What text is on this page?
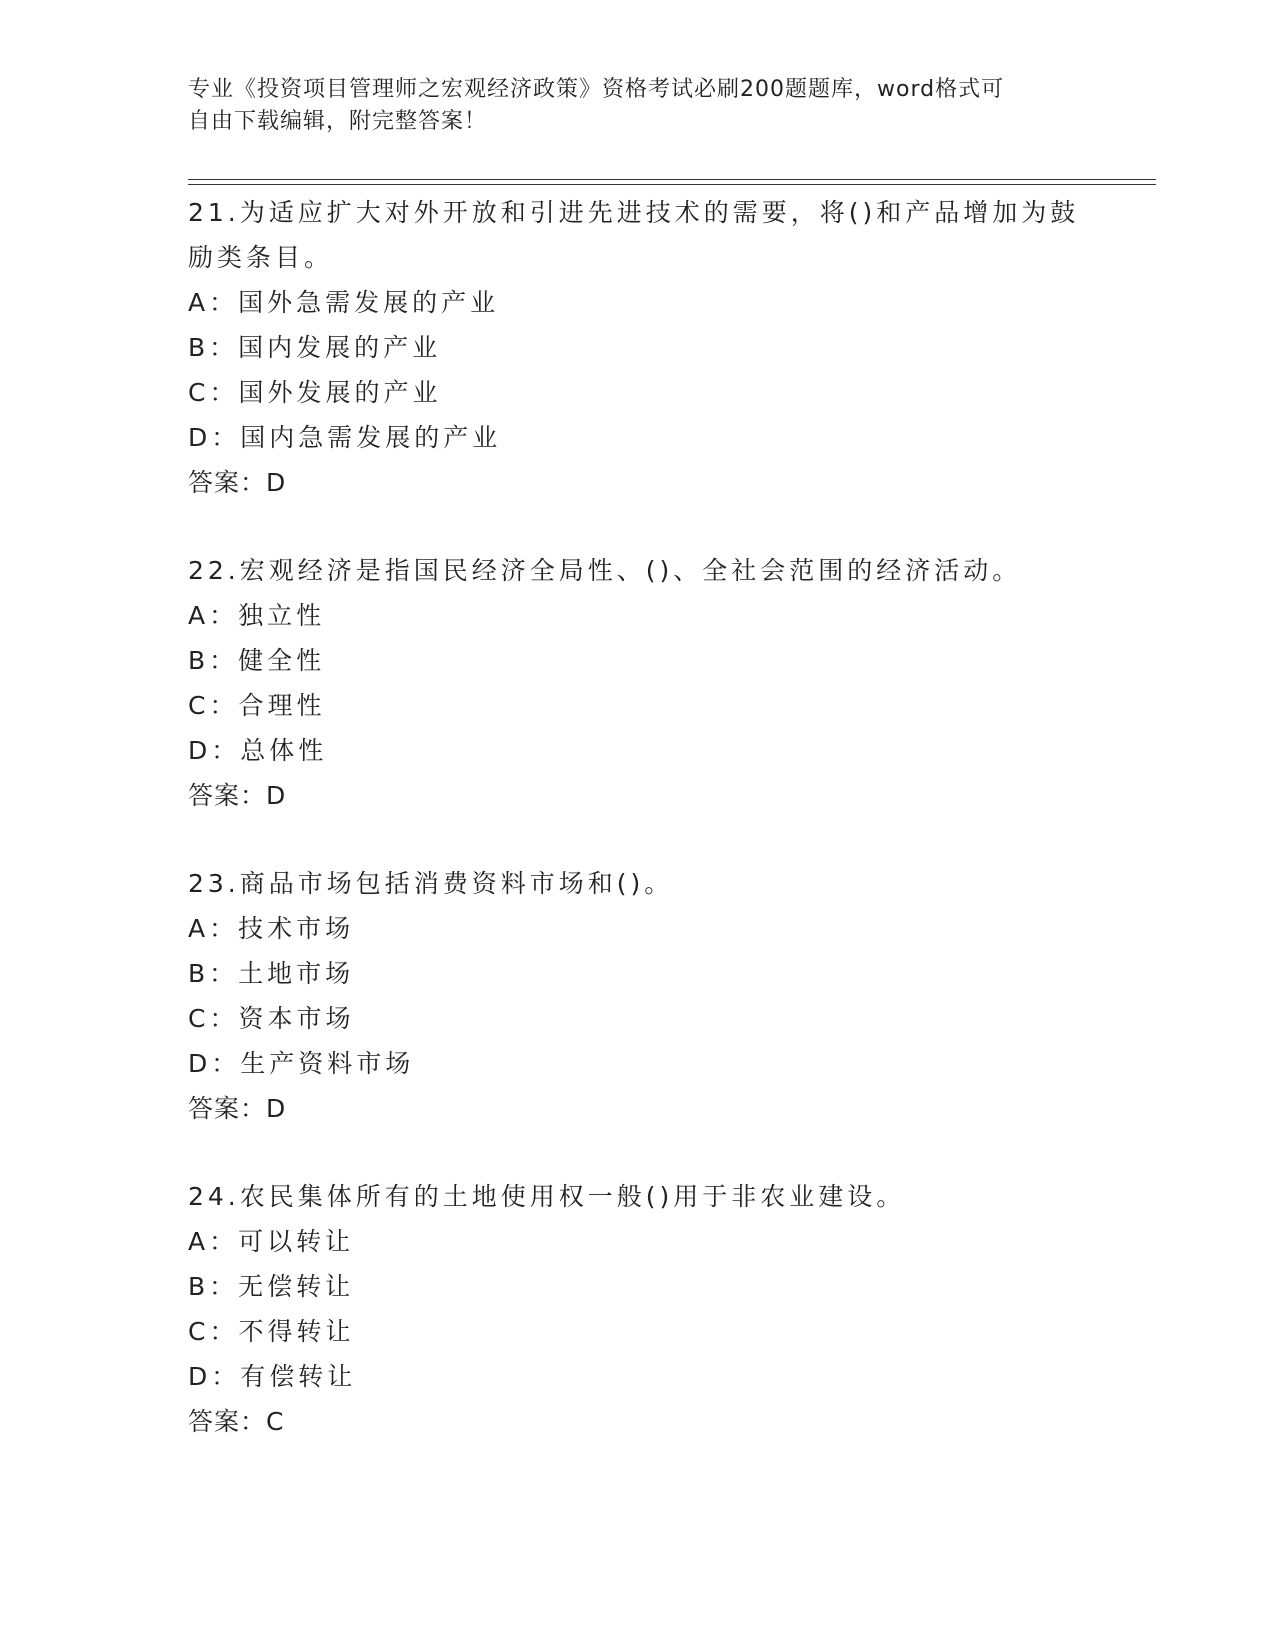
专业《投资项目管理师之宏观经济政策》资格考试必刷200题题库，word格式可
自由下载编辑，附完整答案！
21.为适应扩大对外开放和引进先进技术的需要，将()和产品增加为鼓
励类条目。
A：国外急需发展的产业
B：国内发展的产业
C：国外发展的产业
D：国内急需发展的产业
答案：D
22.宏观经济是指国民经济全局性、()、全社会范围的经济活动。
A：独立性
B：健全性
C：合理性
D：总体性
答案：D
23.商品市场包括消费资料市场和()。
A：技术市场
B：土地市场
C：资本市场
D：生产资料市场
答案：D
24.农民集体所有的土地使用权一般()用于非农业建设。
A：可以转让
B：无偿转让
C：不得转让
D：有偿转让
答案：C
